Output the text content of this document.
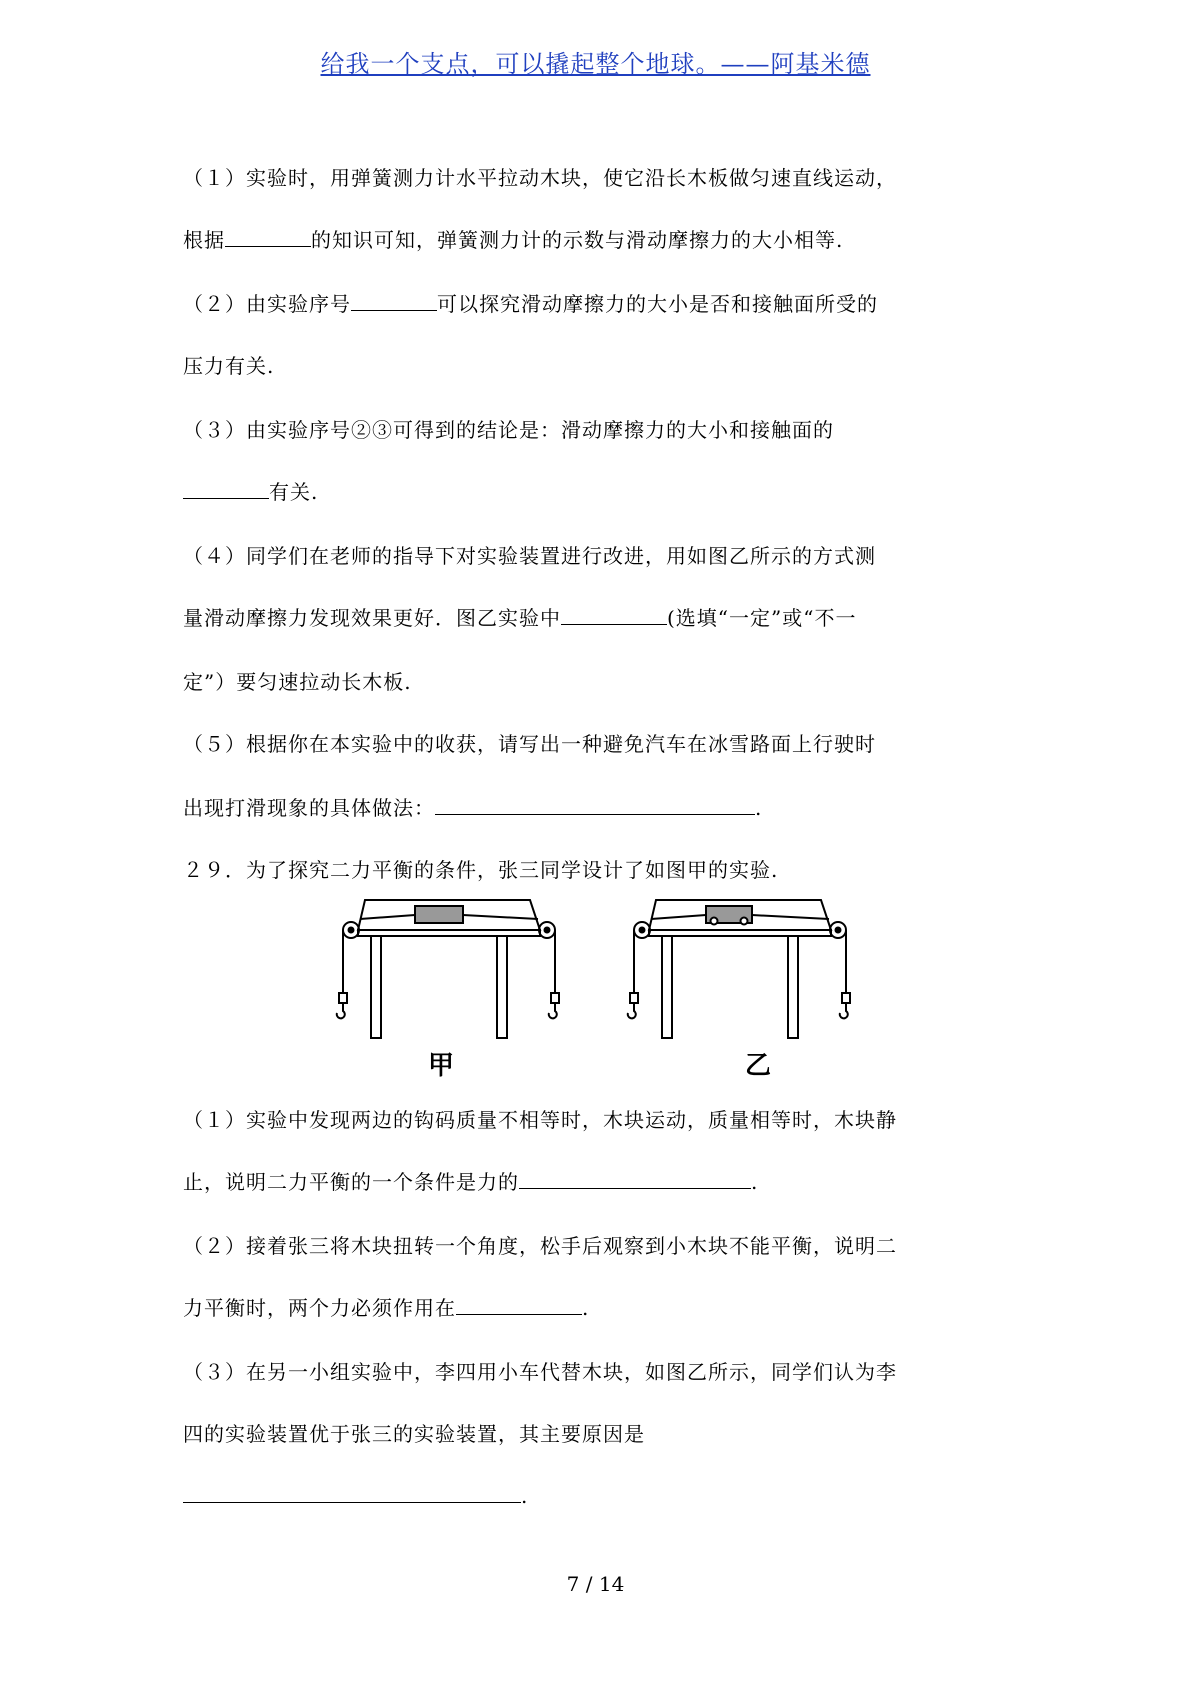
给我一个支点，可以撬起整个地球。——阿基米德
（１）实验时，用弹簧测力计水平拉动木块，使它沿长木板做匀速直线运动，
根据	的知识可知，弹簧测力计的示数与滑动摩擦力的大小相等.
（２）由实验序号	可以探究滑动摩擦力的大小是否和接触面所受的
压力有关.
（３）由实验序号②③可得到的结论是：滑动摩擦力的大小和接触面的
有关.
（４）同学们在老师的指导下对实验装置进行改进，用如图乙所示的方式测
量滑动摩擦力发现效果更好．图乙实验中	(选填“一定”或“不一
定”）要匀速拉动长木板.
（５）根据你在本实验中的收获，请写出一种避免汽车在冰雪路面上行驶时
出现打滑现象的具体做法：	.
２９．为了探究二力平衡的条件，张三同学设计了如图甲的实验.
甲	乙
（１）实验中发现两边的钩码质量不相等时，木块运动，质量相等时，木块静
止，说明二力平衡的一个条件是力的	.
（２）接着张三将木块扭转一个角度，松手后观察到小木块不能平衡，说明二
力平衡时，两个力必须作用在	.
（３）在另一小组实验中，李四用小车代替木块，如图乙所示，同学们认为李
四的实验装置优于张三的实验装置，其主要原因是
.
7 / 14
